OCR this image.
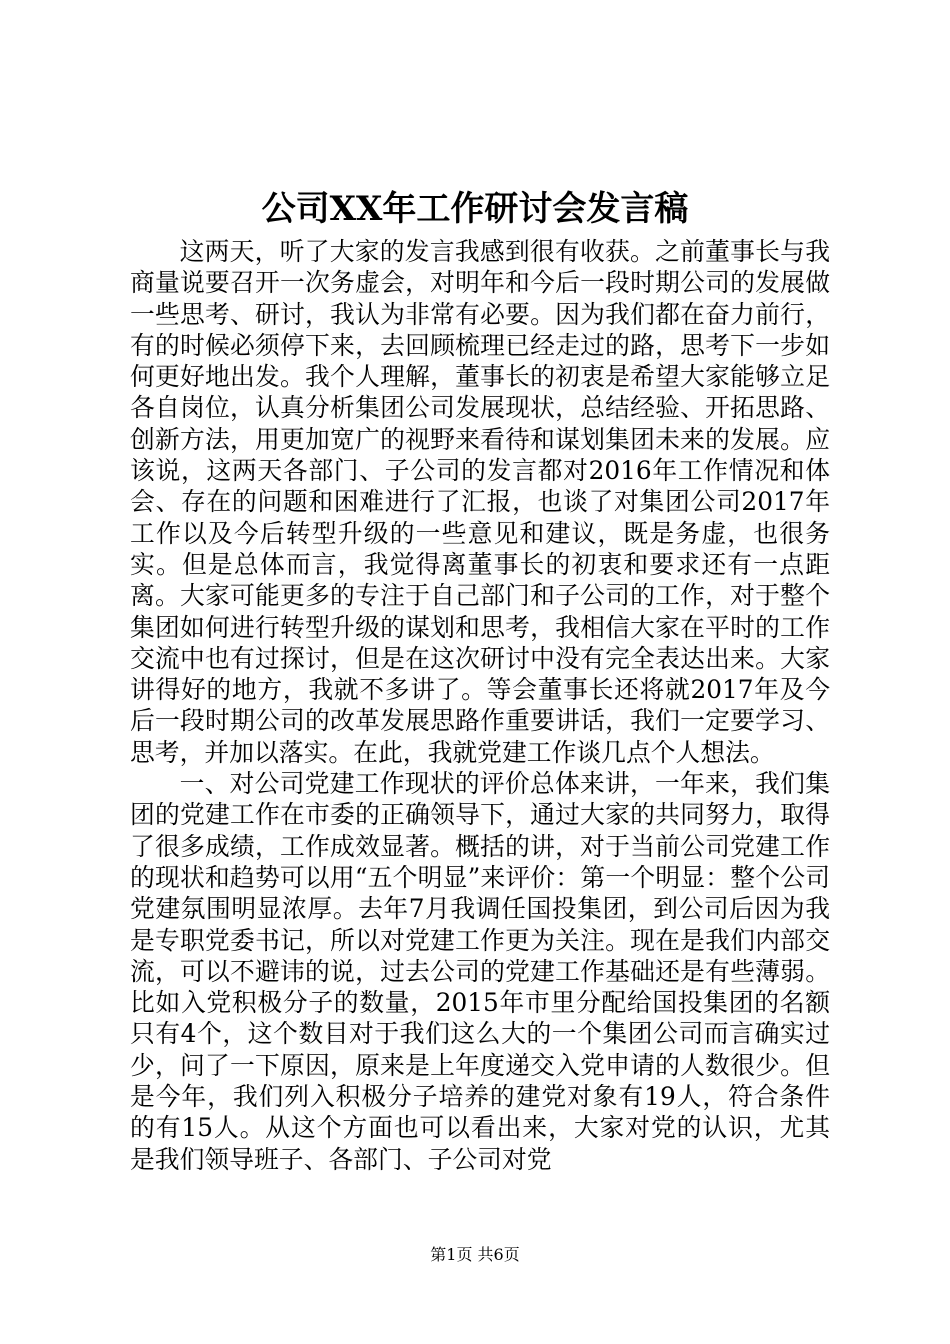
公司XX年工作研讨会发言稿

这两天，听了大家的发言我感到很有收获。之前董事长与我商量说要召开一次务虚会，对明年和今后一段时期公司的发展做一些思考、研讨，我认为非常有必要。因为我们都在奋力前行，有的时候必须停下来，去回顾梳理已经走过的路，思考下一步如何更好地出发。我个人理解，董事长的初衷是希望大家能够立足各自岗位，认真分析集团公司发展现状，总结经验、开拓思路、创新方法，用更加宽广的视野来看待和谋划集团未来的发展。应该说，这两天各部门、子公司的发言都对2016年工作情况和体会、存在的问题和困难进行了汇报，也谈了对集团公司2017年工作以及今后转型升级的一些意见和建议，既是务虚，也很务实。但是总体而言，我觉得离董事长的初衷和要求还有一点距离。大家可能更多的专注于自己部门和子公司的工作，对于整个集团如何进行转型升级的谋划和思考，我相信大家在平时的工作交流中也有过探讨，但是在这次研讨中没有完全表达出来。大家讲得好的地方，我就不多讲了。等会董事长还将就2017年及今后一段时期公司的改革发展思路作重要讲话，我们一定要学习、思考，并加以落实。在此，我就党建工作谈几点个人想法。

一、对公司党建工作现状的评价总体来讲，一年来，我们集团的党建工作在市委的正确领导下，通过大家的共同努力，取得了很多成绩，工作成效显著。概括的讲，对于当前公司党建工作的现状和趋势可以用“五个明显”来评价：第一个明显：整个公司党建氛围明显浓厚。去年7月我调任国投集团，到公司后因为我是专职党委书记，所以对党建工作更为关注。现在是我们内部交流，可以不避讳的说，过去公司的党建工作基础还是有些薄弱。比如入党积极分子的数量，2015年市里分配给国投集团的名额只有4个，这个数目对于我们这么大的一个集团公司而言确实过少，问了一下原因，原来是上年度递交入党申请的人数很少。但是今年，我们列入积极分子培养的建党对象有19人，符合条件的有15人。从这个方面也可以看出来，大家对党的认识，尤其是我们领导班子、各部门、子公司对党

第1页 共6页
